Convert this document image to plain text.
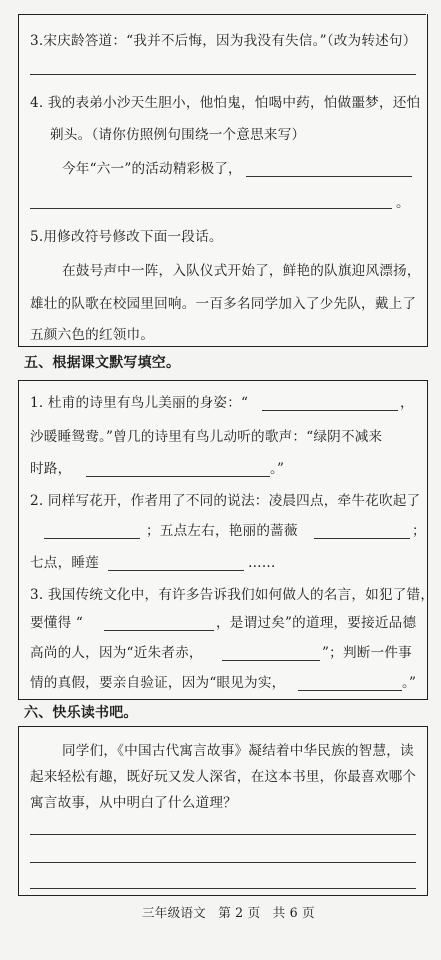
3.宋庆龄答道：“我并不后悔，因为我没有失信。”（改为转述句）
4. 我的表弟小沙天生胆小，他怕鬼，怕喝中药，怕做噩梦，还怕
剃头。（请你仿照例句围绕一个意思来写）
今年“六一”的活动精彩极了，
。
5.用修改符号修改下面一段话。
在鼓号声中一阵，入队仪式开始了，鲜艳的队旗迎风漂扬，
雄壮的队歌在校园里回响。一百多名同学加入了少先队，戴上了
五颜六色的红领巾。
五、根据课文默写填空。
1. 杜甫的诗里有鸟儿美丽的身姿：“	，
沙暖睡鸳鸯。”曾几的诗里有鸟儿动听的歌声：“绿阴不减来
时路，	。”
2. 同样写花开，作者用了不同的说法：凌晨四点，牵牛花吹起了
；五点左右，艳丽的蔷薇	；
七点，睡莲	……
3. 我国传统文化中，有许多告诉我们如何做人的名言，如犯了错，
要懂得 “	，是谓过矣”的道理，要接近品德
高尚的人，因为“近朱者赤，	”；判断一件事
情的真假，要亲自验证，因为“眼见为实，	。”
六、快乐读书吧。
同学们，《中国古代寓言故事》凝结着中华民族的智慧，读
起来轻松有趣，既好玩又发人深省，在这本书里，你最喜欢哪个
寓言故事，从中明白了什么道理？
三年级语文 第 2 页 共 6 页
